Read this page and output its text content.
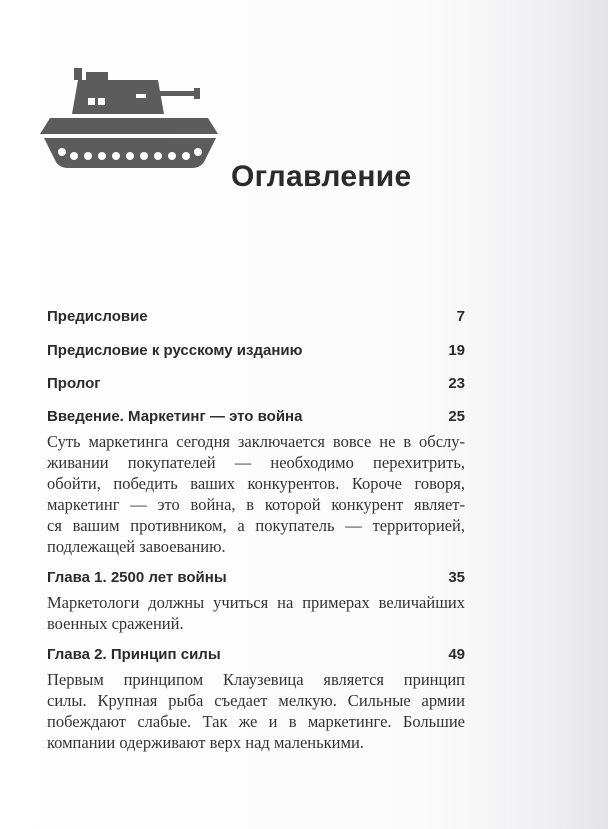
Оглавление
Предисловие	7
Предисловие к русскому изданию	19
Пролог	23
Введение. Маркетинг — это война	25

Суть маркетинга сегодня заключается вовсе не в обслу-
живании покупателей — необходимо перехитрить,
обойти, победить ваших конкурентов. Короче говоря,
маркетинг — это война, в которой конкурент являет-
ся вашим противником, а покупатель — территорией,
подлежащей завоеванию.

Глава 1. 2500 лет войны	35

Маркетологи должны учиться на примерах величайших
военных сражений.

Глава 2. Принцип силы	49

Первым принципом Клаузевица является принцип
силы. Крупная рыба съедает мелкую. Сильные армии
побеждают слабые. Так же и в маркетинге. Большие
компании одерживают верх над маленькими.
